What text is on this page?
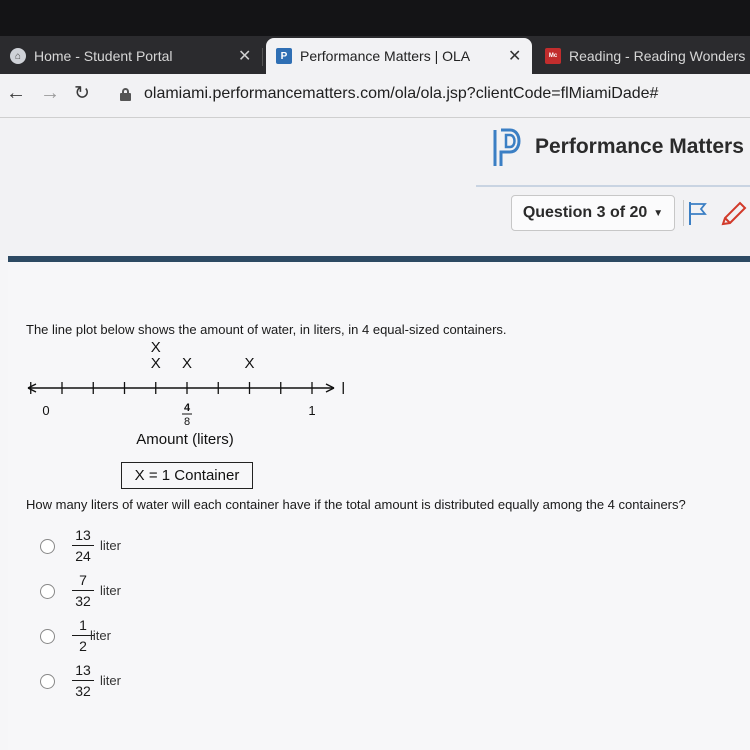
⌂ Home - Student Portal	✕	P Performance Matters | OLA ✕	Mc Reading - Reading Wonders
← → ↻	olamiami.performancematters.com/ola/ola.jsp?clientCode=flMiamiDade#
Performance Matters
Question 3 of 20 ▼
The line plot below shows the amount of water, in liters, in 4 equal-sized containers.
0	4
8
1
X
X
X	X
Amount (liters)
X = 1 Container
How many liters of water will each container have if the total amount is distributed equally among the 4 containers?
13
24
liter
7
32
liter
1
2
liter
13
32
liter
